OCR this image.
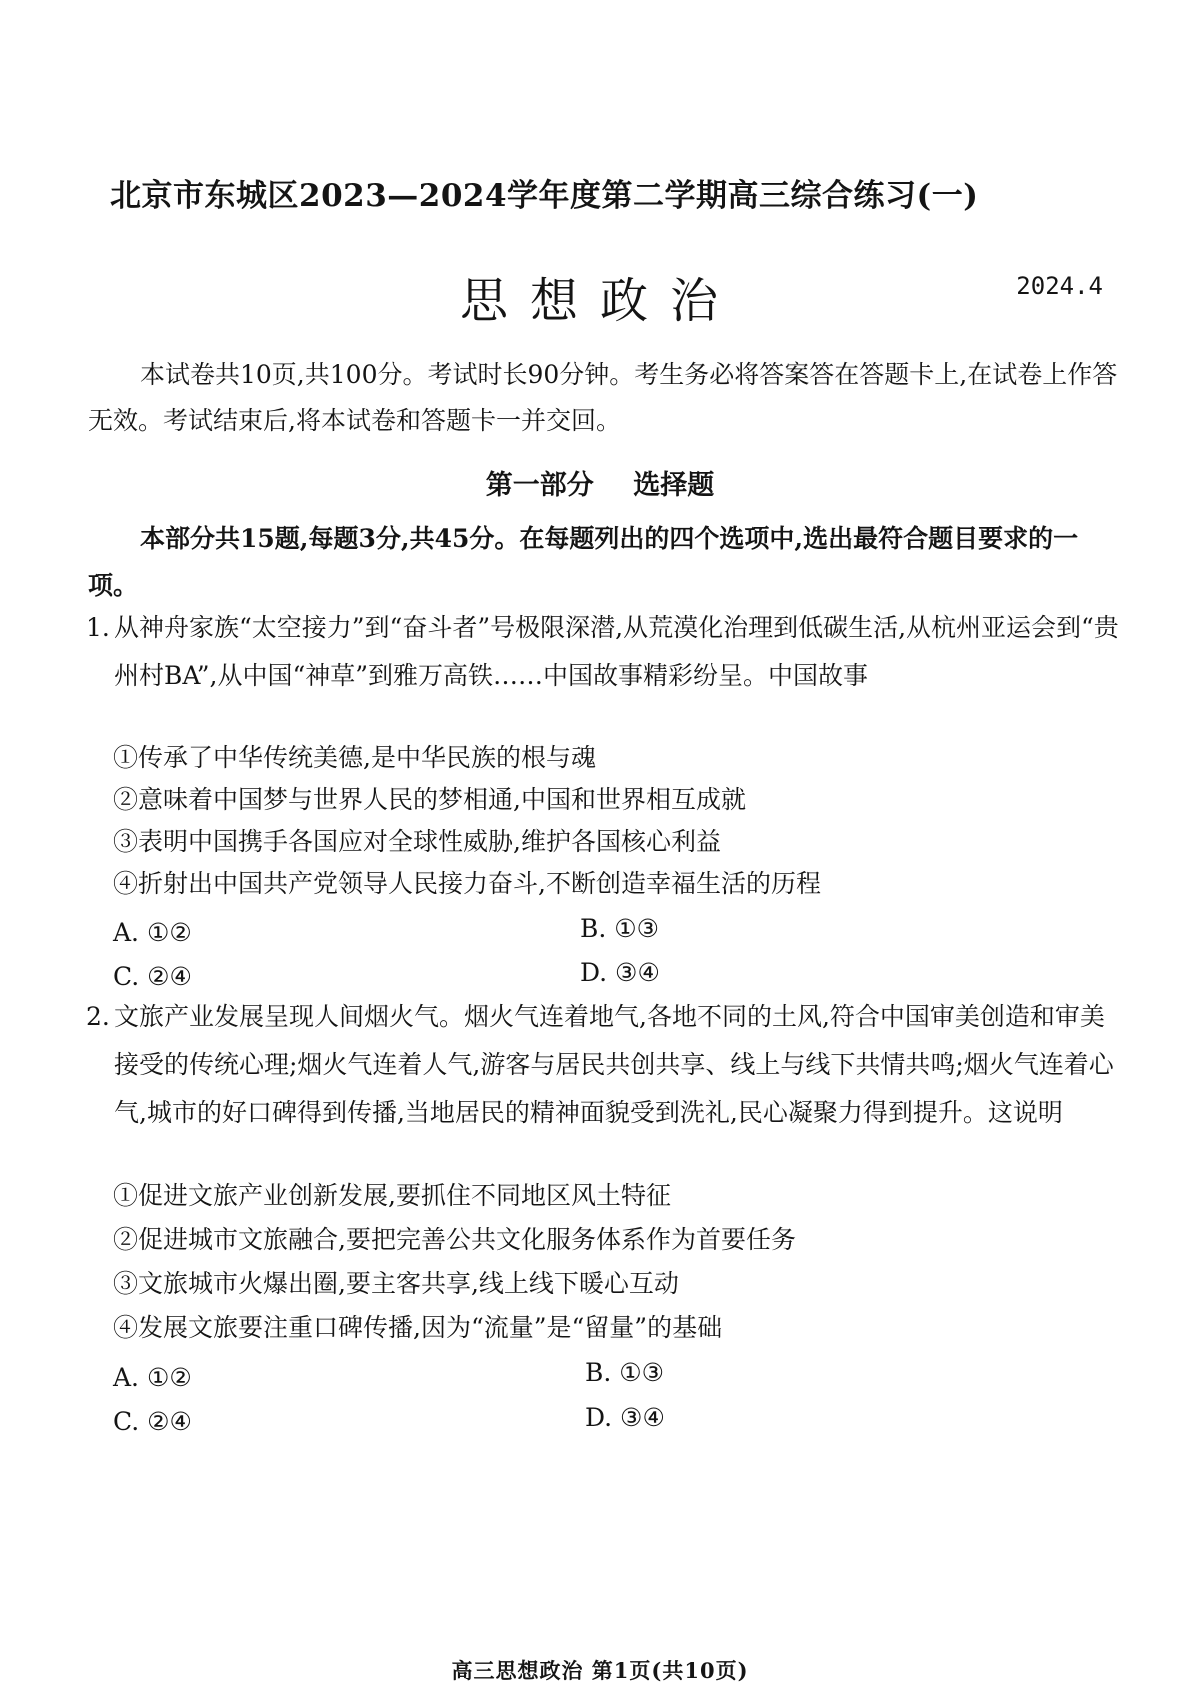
北京市东城区2023—2024学年度第二学期高三综合练习(一)
思想政治	2024.4
本试卷共10页,共100分。考试时长90分钟。考生务必将答案答在答题卡上,在试卷上作答无效。考试结束后,将本试卷和答题卡一并交回。
第一部分 选择题
本部分共15题,每题3分,共45分。在每题列出的四个选项中,选出最符合题目要求的一项。
1. 从神舟家族“太空接力”到“奋斗者”号极限深潜,从荒漠化治理到低碳生活,从杭州亚运会到“贵州村BA”,从中国“神草”到雅万高铁……中国故事精彩纷呈。中国故事
①传承了中华传统美德,是中华民族的根与魂
②意味着中国梦与世界人民的梦相通,中国和世界相互成就
③表明中国携手各国应对全球性威胁,维护各国核心利益
④折射出中国共产党领导人民接力奋斗,不断创造幸福生活的历程
A. ①②	B. ①③
C. ②④	D. ③④
2. 文旅产业发展呈现人间烟火气。烟火气连着地气,各地不同的土风,符合中国审美创造和审美接受的传统心理;烟火气连着人气,游客与居民共创共享、线上与线下共情共鸣;烟火气连着心气,城市的好口碑得到传播,当地居民的精神面貌受到洗礼,民心凝聚力得到提升。这说明
①促进文旅产业创新发展,要抓住不同地区风土特征
②促进城市文旅融合,要把完善公共文化服务体系作为首要任务
③文旅城市火爆出圈,要主客共享,线上线下暖心互动
④发展文旅要注重口碑传播,因为“流量”是“留量”的基础
A. ①②	B. ①③
C. ②④	D. ③④
高三思想政治 第1页(共10页)
